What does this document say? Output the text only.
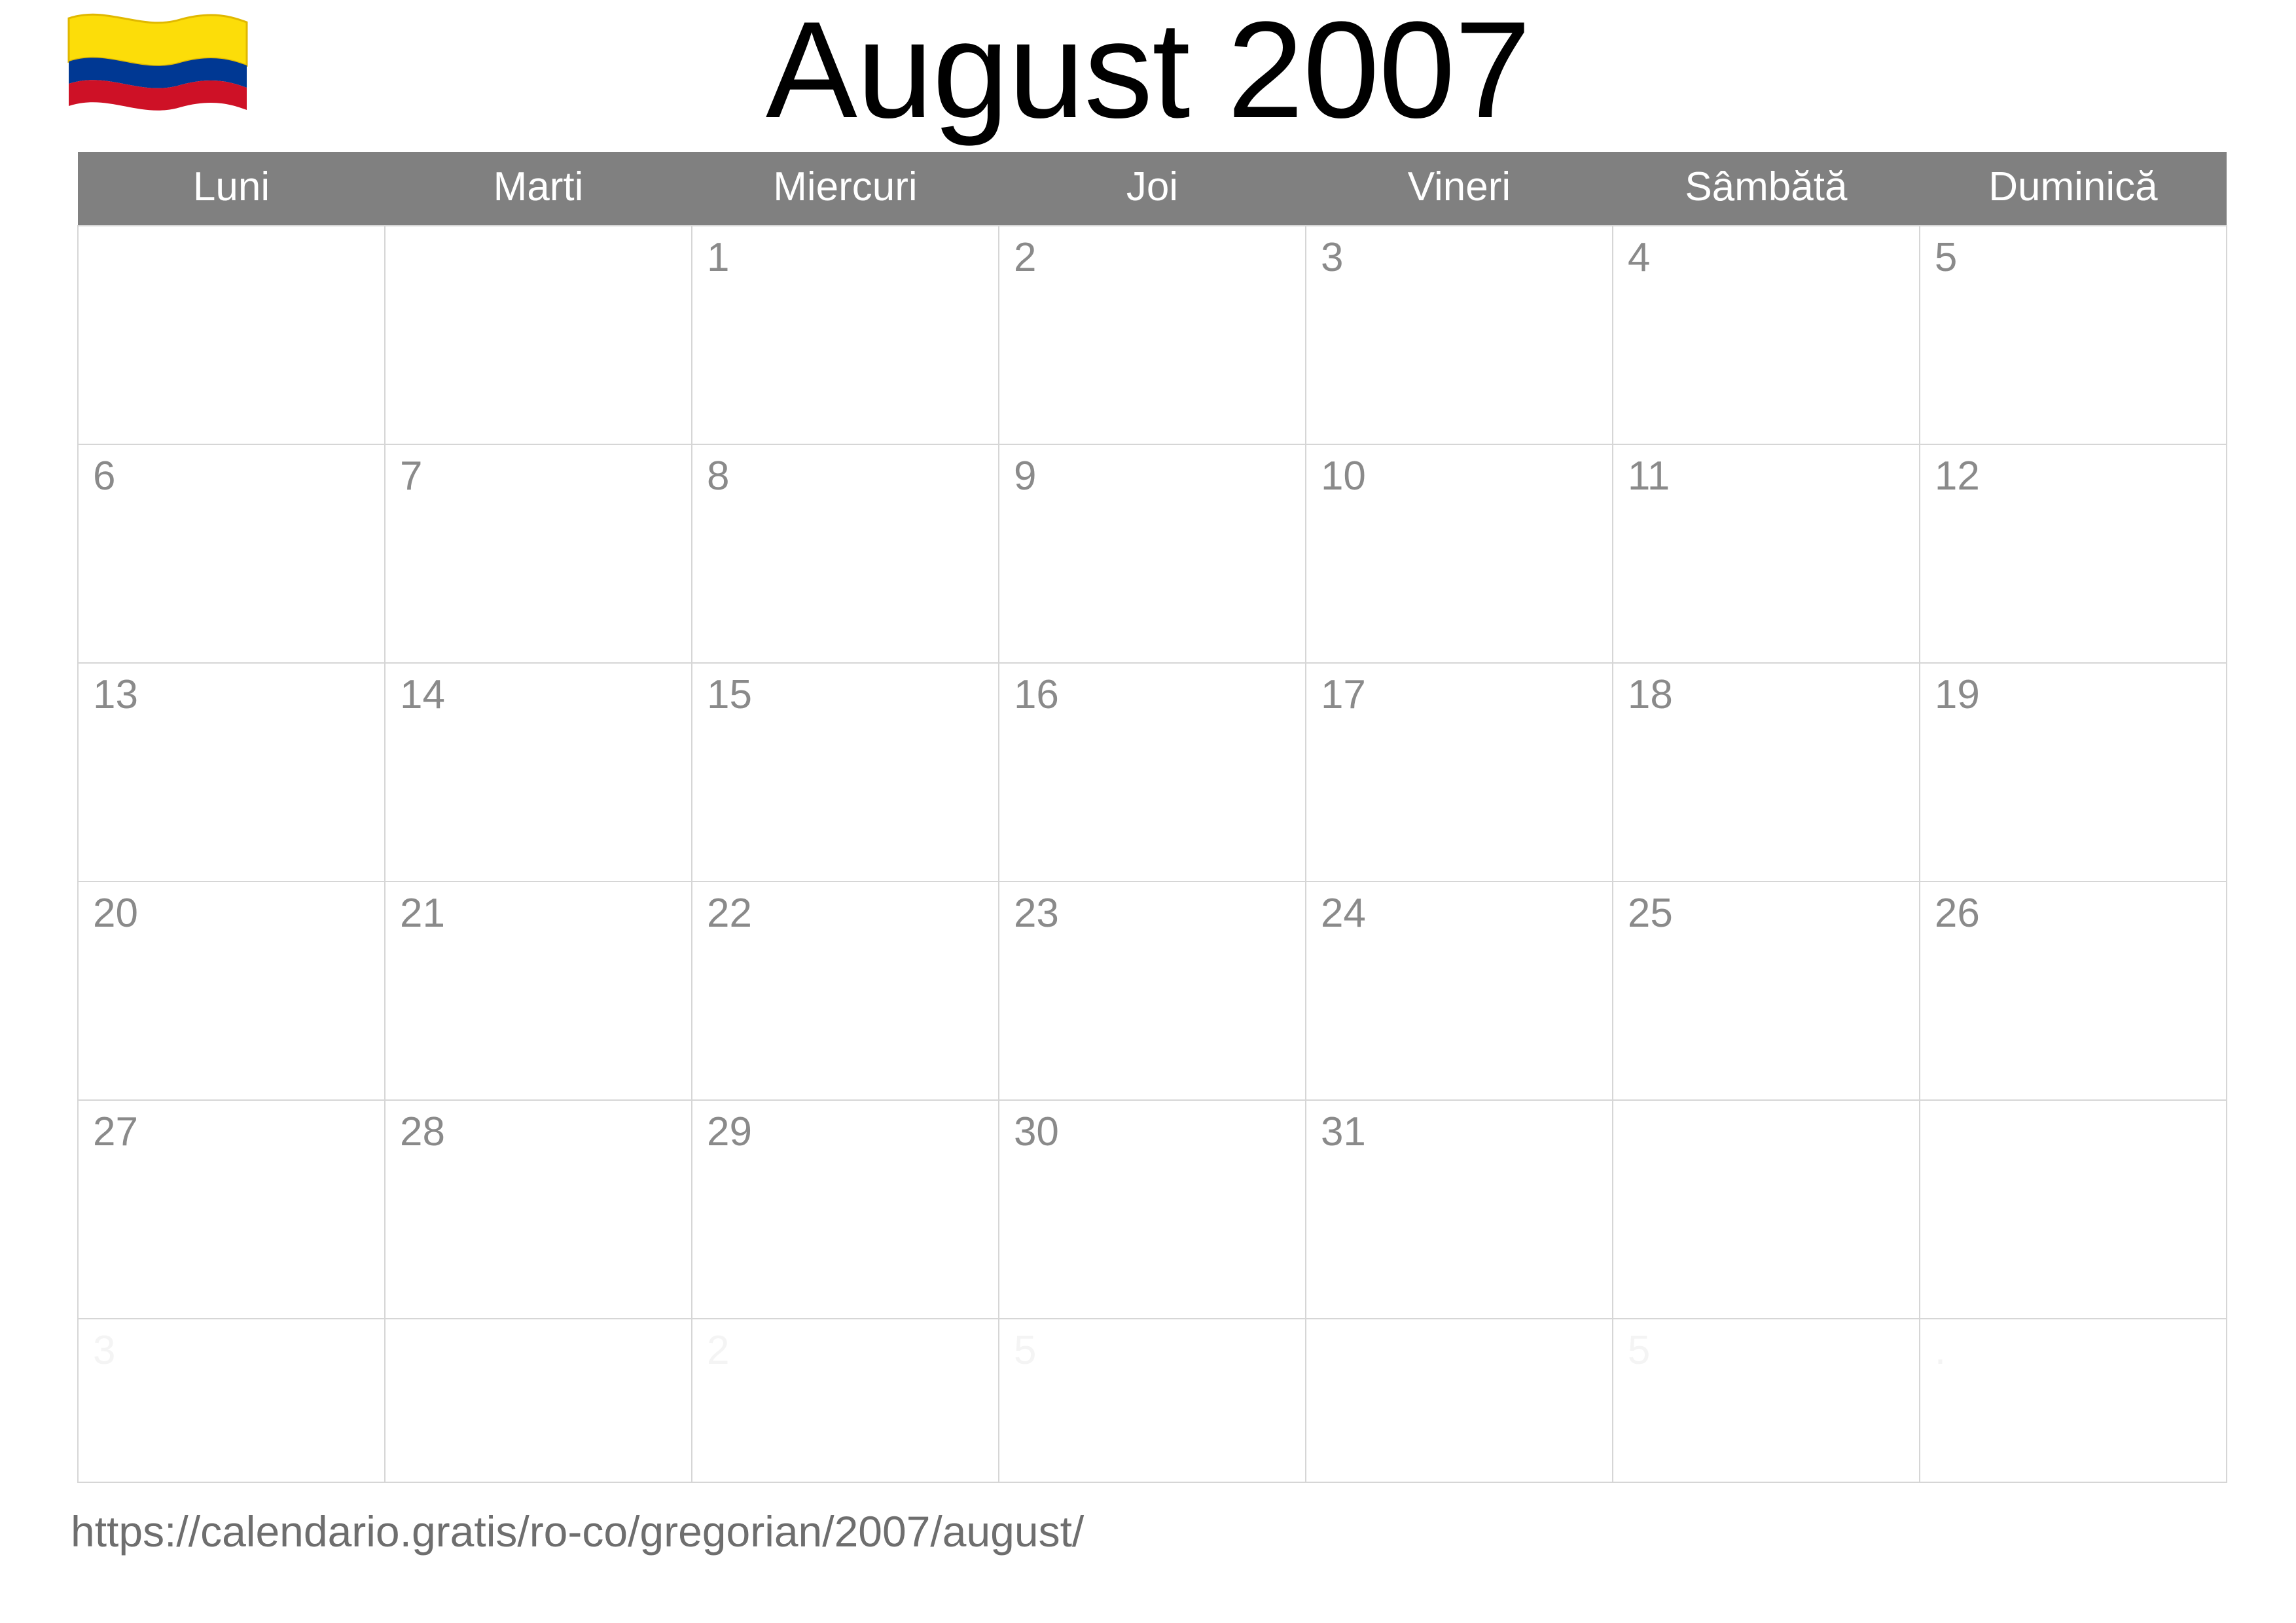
August 2007
Luni	Marti	Miercuri	Joi	Vineri	Sâmbătă	Duminică

		1	2	3	4	5

6	7	8	9	10	11	12

13	14	15	16	17	18	19

20	21	22	23	24	25	26

27	28	29	30	31		

3		2	5		5	.
https://calendario.gratis/ro-co/gregorian/2007/august/
